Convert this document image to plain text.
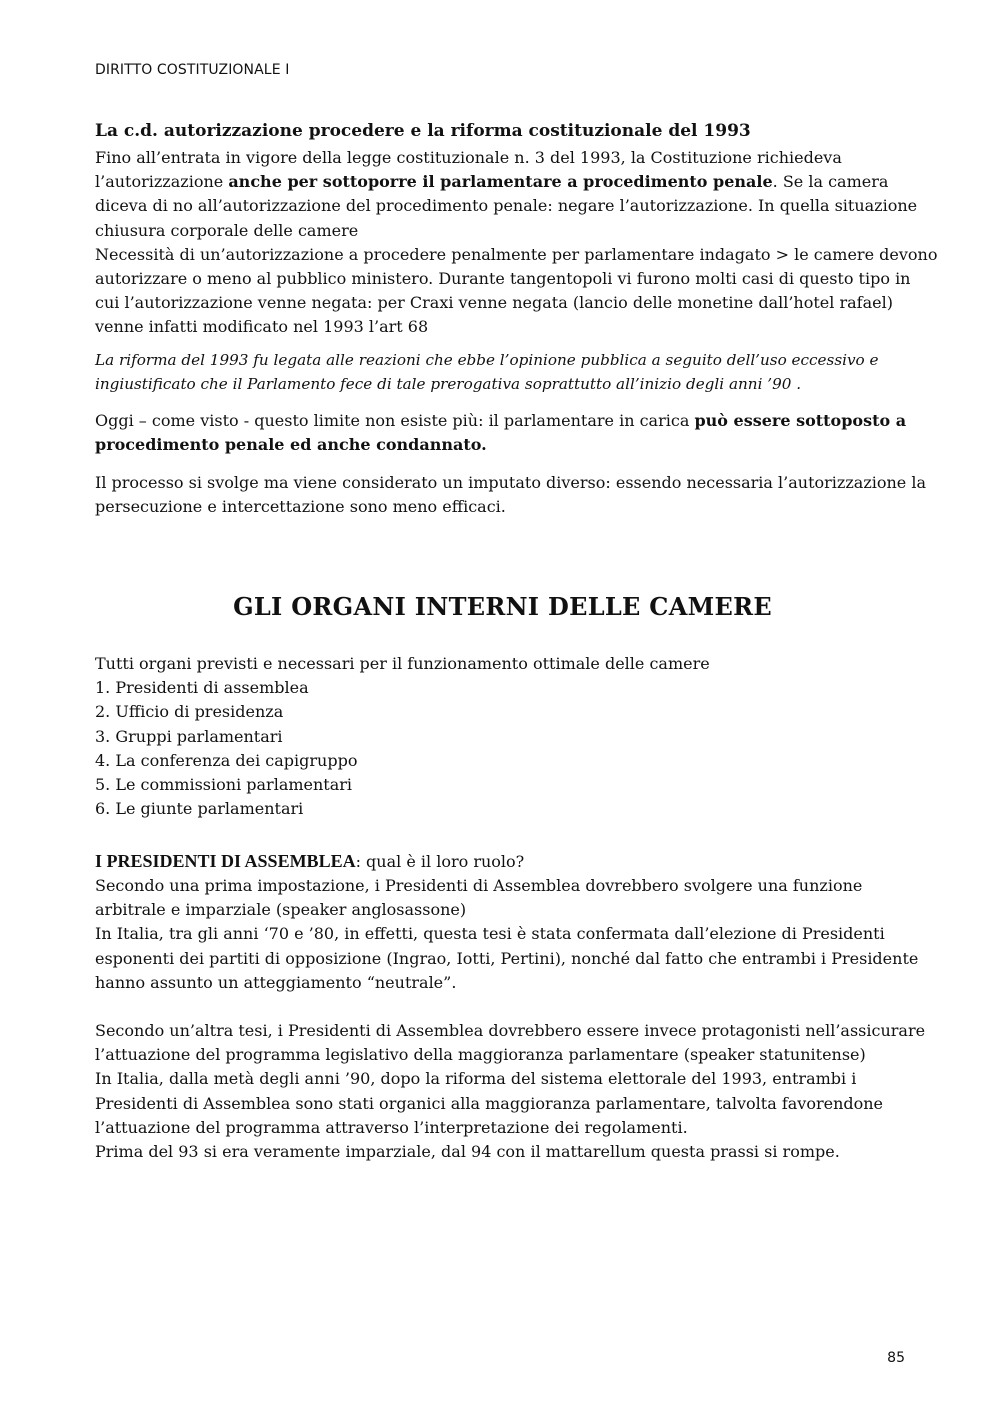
DIRITTO COSTITUZIONALE I
La c.d. autorizzazione procedere e la riforma costituzionale del 1993
Fino all’entrata in vigore della legge costituzionale n. 3 del 1993, la Costituzione richiedeva
l’autorizzazione anche per sottoporre il parlamentare a procedimento penale. Se la camera
diceva di no all’autorizzazione del procedimento penale: negare l’autorizzazione. In quella situazione
chiusura corporale delle camere
Necessità di un’autorizzazione a procedere penalmente per parlamentare indagato > le camere devono
autorizzare o meno al pubblico ministero. Durante tangentopoli vi furono molti casi di questo tipo in
cui l’autorizzazione venne negata: per Craxi venne negata (lancio delle monetine dall’hotel rafael)
venne infatti modificato nel 1993 l’art 68
La riforma del 1993 fu legata alle reazioni che ebbe l’opinione pubblica a seguito dell’uso eccessivo e
ingiustificato che il Parlamento fece di tale prerogativa soprattutto all’inizio degli anni ’90 .
Oggi – come visto - questo limite non esiste più: il parlamentare in carica può essere sottoposto a
procedimento penale ed anche condannato.
Il processo si svolge ma viene considerato un imputato diverso: essendo necessaria l’autorizzazione la
persecuzione e intercettazione sono meno efficaci.
GLI ORGANI INTERNI DELLE CAMERE
Tutti organi previsti e necessari per il funzionamento ottimale delle camere
1. Presidenti di assemblea
2. Ufficio di presidenza
3. Gruppi parlamentari
4. La conferenza dei capigruppo
5. Le commissioni parlamentari
6. Le giunte parlamentari
I PRESIDENTI DI ASSEMBLEA: qual è il loro ruolo?
Secondo una prima impostazione, i Presidenti di Assemblea dovrebbero svolgere una funzione
arbitrale e imparziale (speaker anglosassone)
In Italia, tra gli anni ‘70 e ’80, in effetti, questa tesi è stata confermata dall’elezione di Presidenti
esponenti dei partiti di opposizione (Ingrao, Iotti, Pertini), nonché dal fatto che entrambi i Presidente
hanno assunto un atteggiamento “neutrale”.
Secondo un’altra tesi, i Presidenti di Assemblea dovrebbero essere invece protagonisti nell’assicurare
l’attuazione del programma legislativo della maggioranza parlamentare (speaker statunitense)
In Italia, dalla metà degli anni ’90, dopo la riforma del sistema elettorale del 1993, entrambi i
Presidenti di Assemblea sono stati organici alla maggioranza parlamentare, talvolta favorendone
l’attuazione del programma attraverso l’interpretazione dei regolamenti.
Prima del 93 si era veramente imparziale, dal 94 con il mattarellum questa prassi si rompe.
85
